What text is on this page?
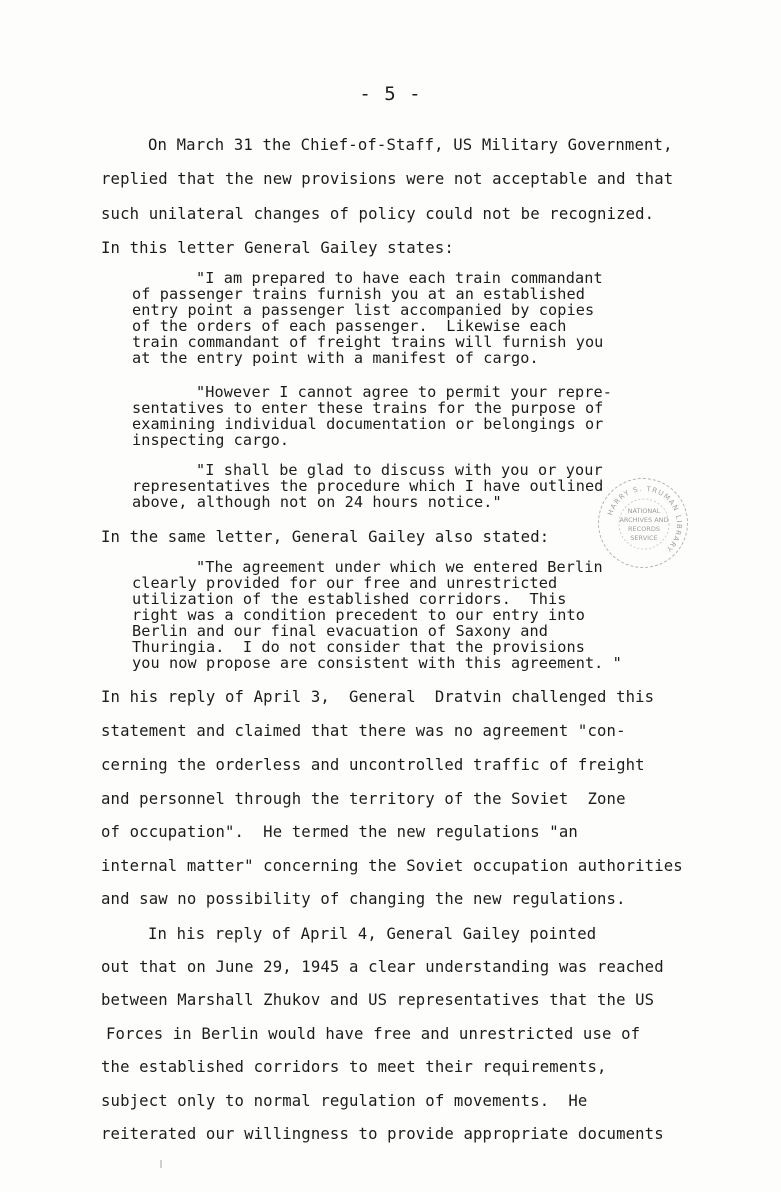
- 5 -
On March 31 the Chief-of-Staff, US Military Government,
replied that the new provisions were not acceptable and that
such unilateral changes of policy could not be recognized.
In this letter General Gailey states:
"I am prepared to have each train commandant
of passenger trains furnish you at an established
entry point a passenger list accompanied by copies
of the orders of each passenger.  Likewise each
train commandant of freight trains will furnish you
at the entry point with a manifest of cargo.
"However I cannot agree to permit your repre-
sentatives to enter these trains for the purpose of
examining individual documentation or belongings or
inspecting cargo.
"I shall be glad to discuss with you or your
representatives the procedure which I have outlined
above, although not on 24 hours notice."
In the same letter, General Gailey also stated:
"The agreement under which we entered Berlin
clearly provided for our free and unrestricted
utilization of the established corridors.  This
right was a condition precedent to our entry into
Berlin and our final evacuation of Saxony and
Thuringia.  I do not consider that the provisions
you now propose are consistent with this agreement. "
In his reply of April 3,  General  Dratvin challenged this
statement and claimed that there was no agreement "con-
cerning the orderless and uncontrolled traffic of freight
and personnel through the territory of the Soviet  Zone
of occupation".  He termed the new regulations "an
internal matter" concerning the Soviet occupation authorities
and saw no possibility of changing the new regulations.
In his reply of April 4, General Gailey pointed
out that on June 29, 1945 a clear understanding was reached
between Marshall Zhukov and US representatives that the US
Forces in Berlin would have free and unrestricted use of
the established corridors to meet their requirements,
subject only to normal regulation of movements.  He
reiterated our willingness to provide appropriate documents
HARRY S. TRUMAN LIBRARY
NATIONAL
ARCHIVES AND
RECORDS
SERVICE
